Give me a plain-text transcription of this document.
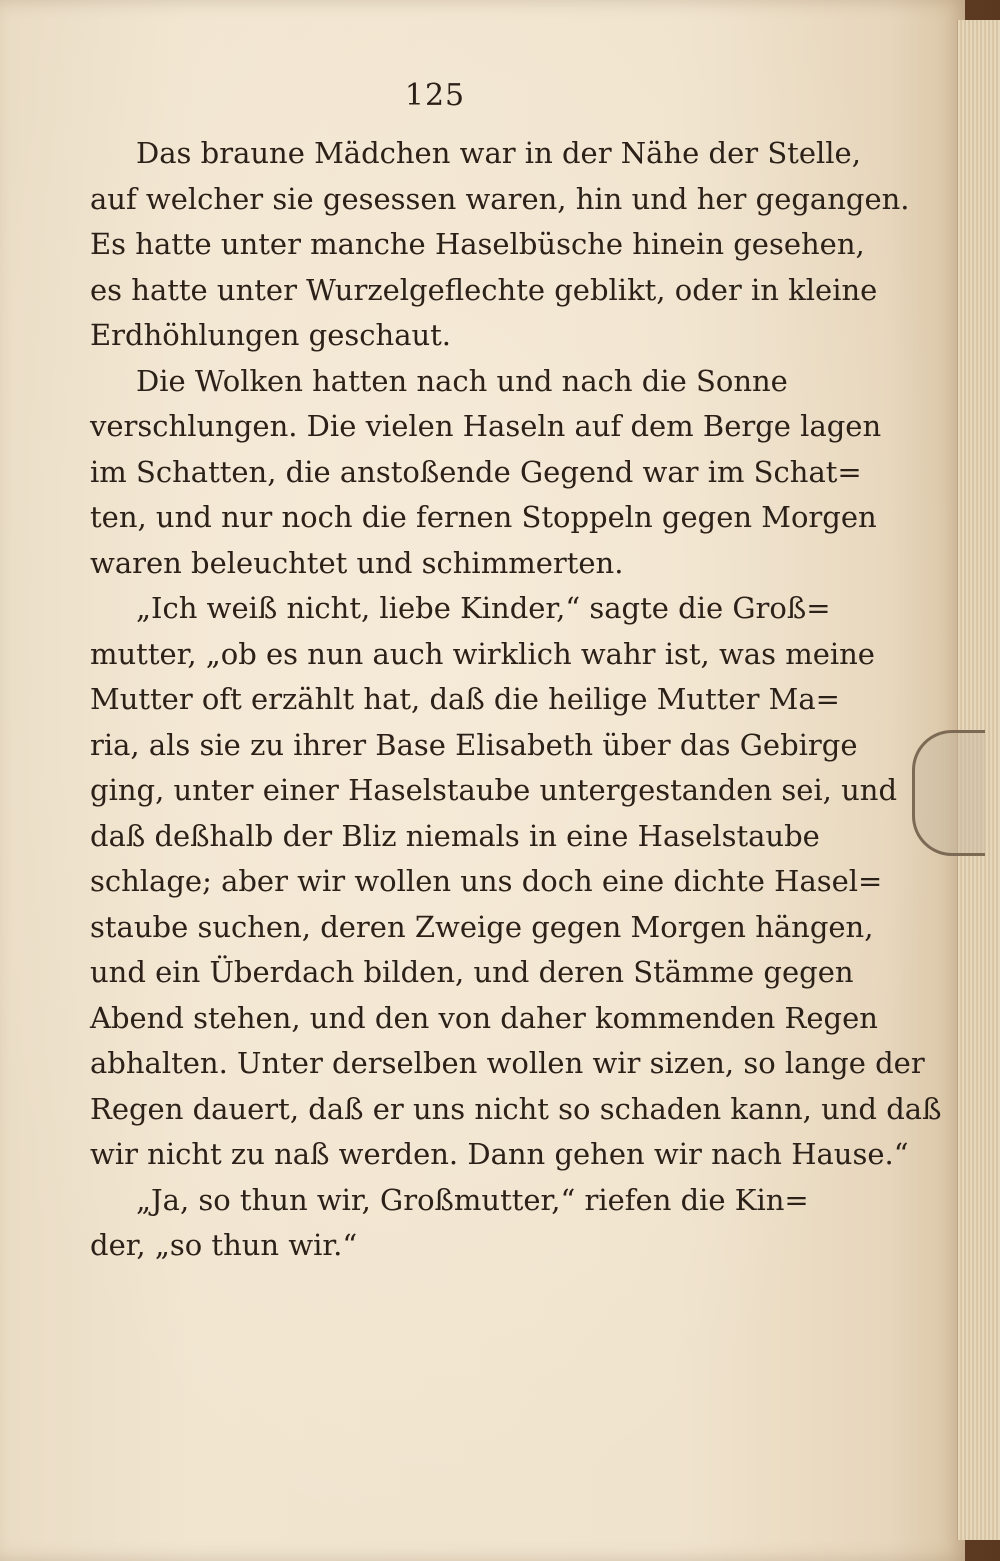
125
Das braune Mädchen war in der Nähe der Stelle,
auf welcher sie gesessen waren, hin und her gegangen.
Es hatte unter manche Haselbüsche hinein gesehen,
es hatte unter Wurzelgeflechte geblikt, oder in kleine
Erdhöhlungen geschaut.
Die Wolken hatten nach und nach die Sonne
verschlungen. Die vielen Haseln auf dem Berge lagen
im Schatten, die anstoßende Gegend war im Schat=
ten, und nur noch die fernen Stoppeln gegen Morgen
waren beleuchtet und schimmerten.
„Ich weiß nicht, liebe Kinder,“ sagte die Groß=
mutter, „ob es nun auch wirklich wahr ist, was meine
Mutter oft erzählt hat, daß die heilige Mutter Ma=
ria, als sie zu ihrer Base Elisabeth über das Gebirge
ging, unter einer Haselstaube untergestanden sei, und
daß deßhalb der Bliz niemals in eine Haselstaube
schlage; aber wir wollen uns doch eine dichte Hasel=
staube suchen, deren Zweige gegen Morgen hängen,
und ein Überdach bilden, und deren Stämme gegen
Abend stehen, und den von daher kommenden Regen
abhalten. Unter derselben wollen wir sizen, so lange der
Regen dauert, daß er uns nicht so schaden kann, und daß
wir nicht zu naß werden. Dann gehen wir nach Hause.“
„Ja, so thun wir, Großmutter,“ riefen die Kin=
der, „so thun wir.“
